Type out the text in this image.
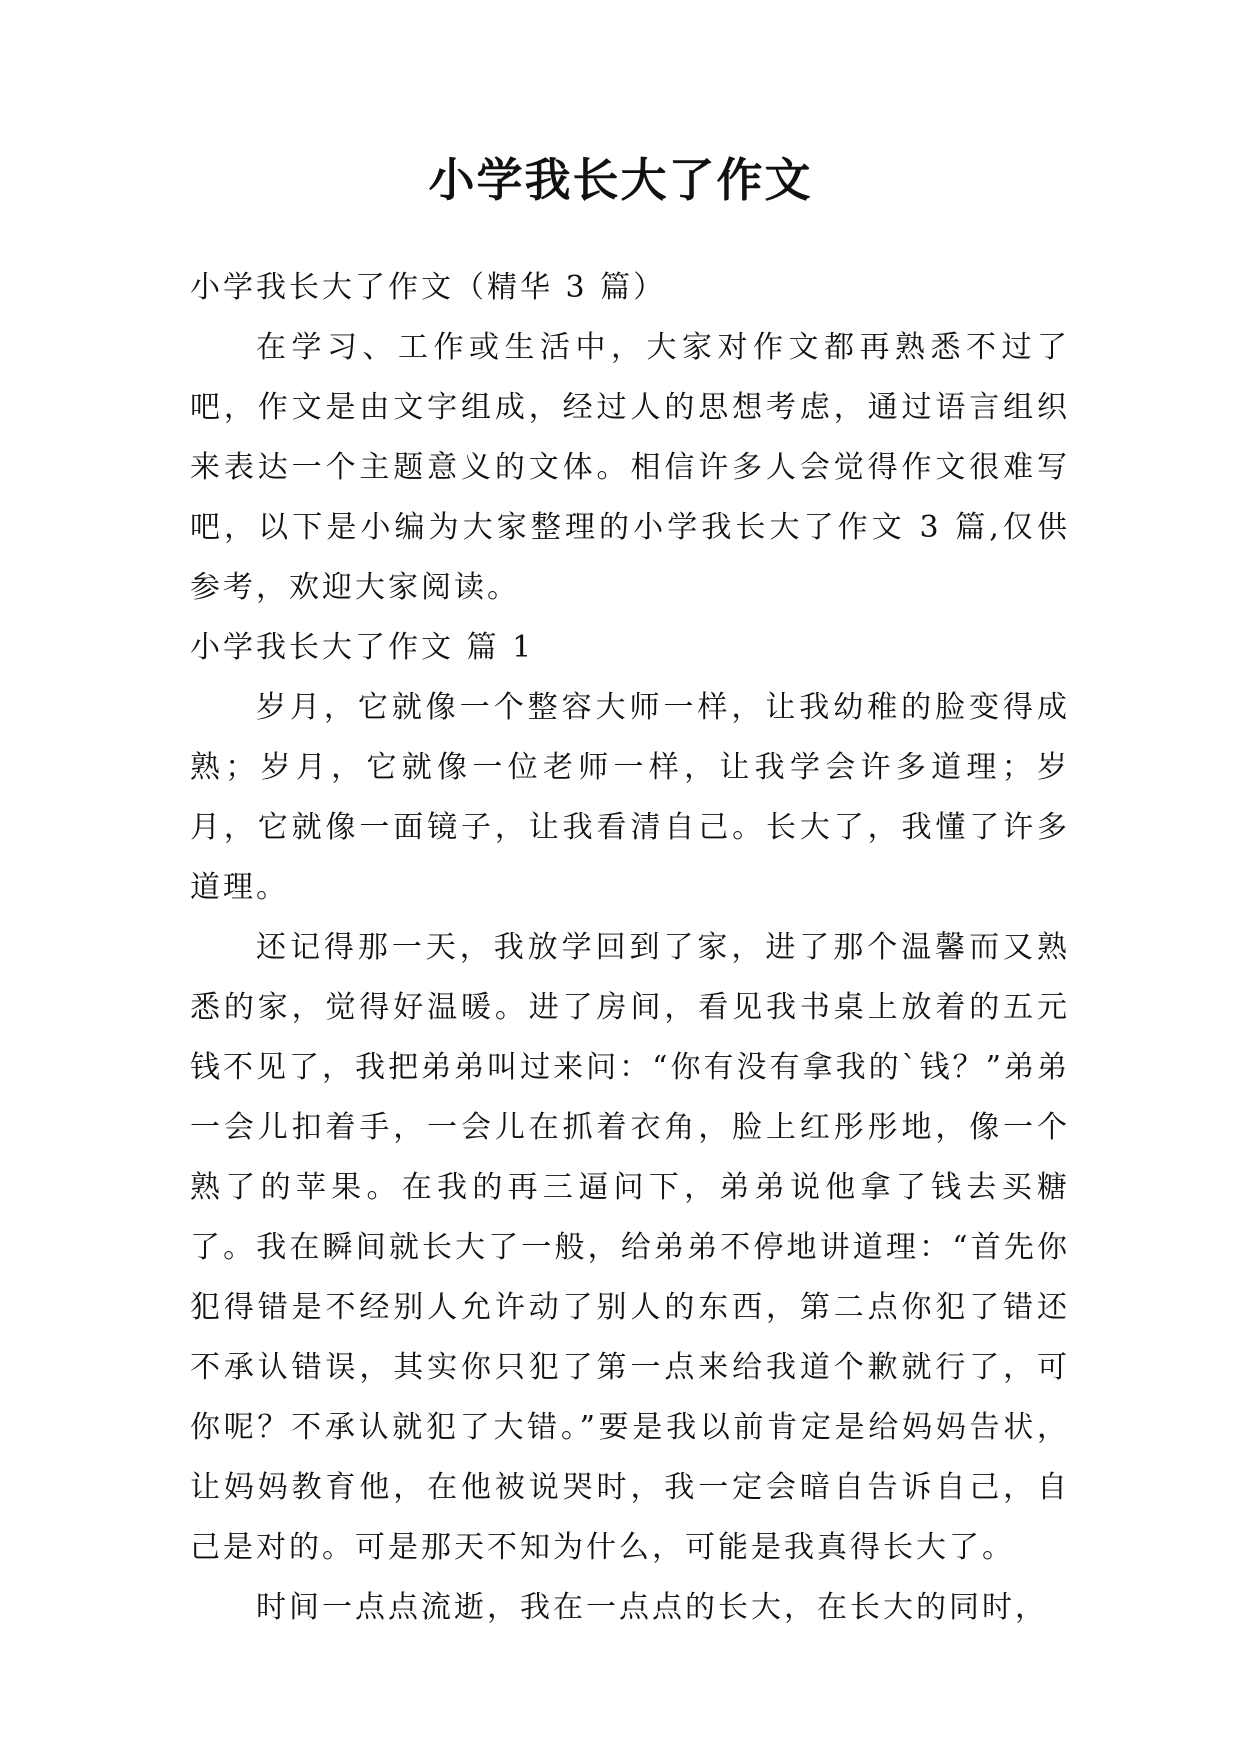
小学我长大了作文

小学我长大了作文（精华 3 篇）

在学习、工作或生活中，大家对作文都再熟悉不过了吧，作文是由文字组成，经过人的思想考虑，通过语言组织来表达一个主题意义的文体。相信许多人会觉得作文很难写吧，以下是小编为大家整理的小学我长大了作文 3 篇,仅供参考，欢迎大家阅读。

小学我长大了作文 篇 1

岁月，它就像一个整容大师一样，让我幼稚的脸变得成熟；岁月，它就像一位老师一样，让我学会许多道理；岁月，它就像一面镜子，让我看清自己。长大了，我懂了许多道理。

还记得那一天，我放学回到了家，进了那个温馨而又熟悉的家，觉得好温暖。进了房间，看见我书桌上放着的五元钱不见了，我把弟弟叫过来问：“你有没有拿我的`钱？”弟弟一会儿扣着手，一会儿在抓着衣角，脸上红彤彤地，像一个熟了的苹果。在我的再三逼问下，弟弟说他拿了钱去买糖了。我在瞬间就长大了一般，给弟弟不停地讲道理：“首先你犯得错是不经别人允许动了别人的东西，第二点你犯了错还不承认错误，其实你只犯了第一点来给我道个歉就行了，可你呢？不承认就犯了大错。”要是我以前肯定是给妈妈告状，让妈妈教育他，在他被说哭时，我一定会暗自告诉自己，自己是对的。可是那天不知为什么，可能是我真得长大了。

时间一点点流逝，我在一点点的长大，在长大的同时，
